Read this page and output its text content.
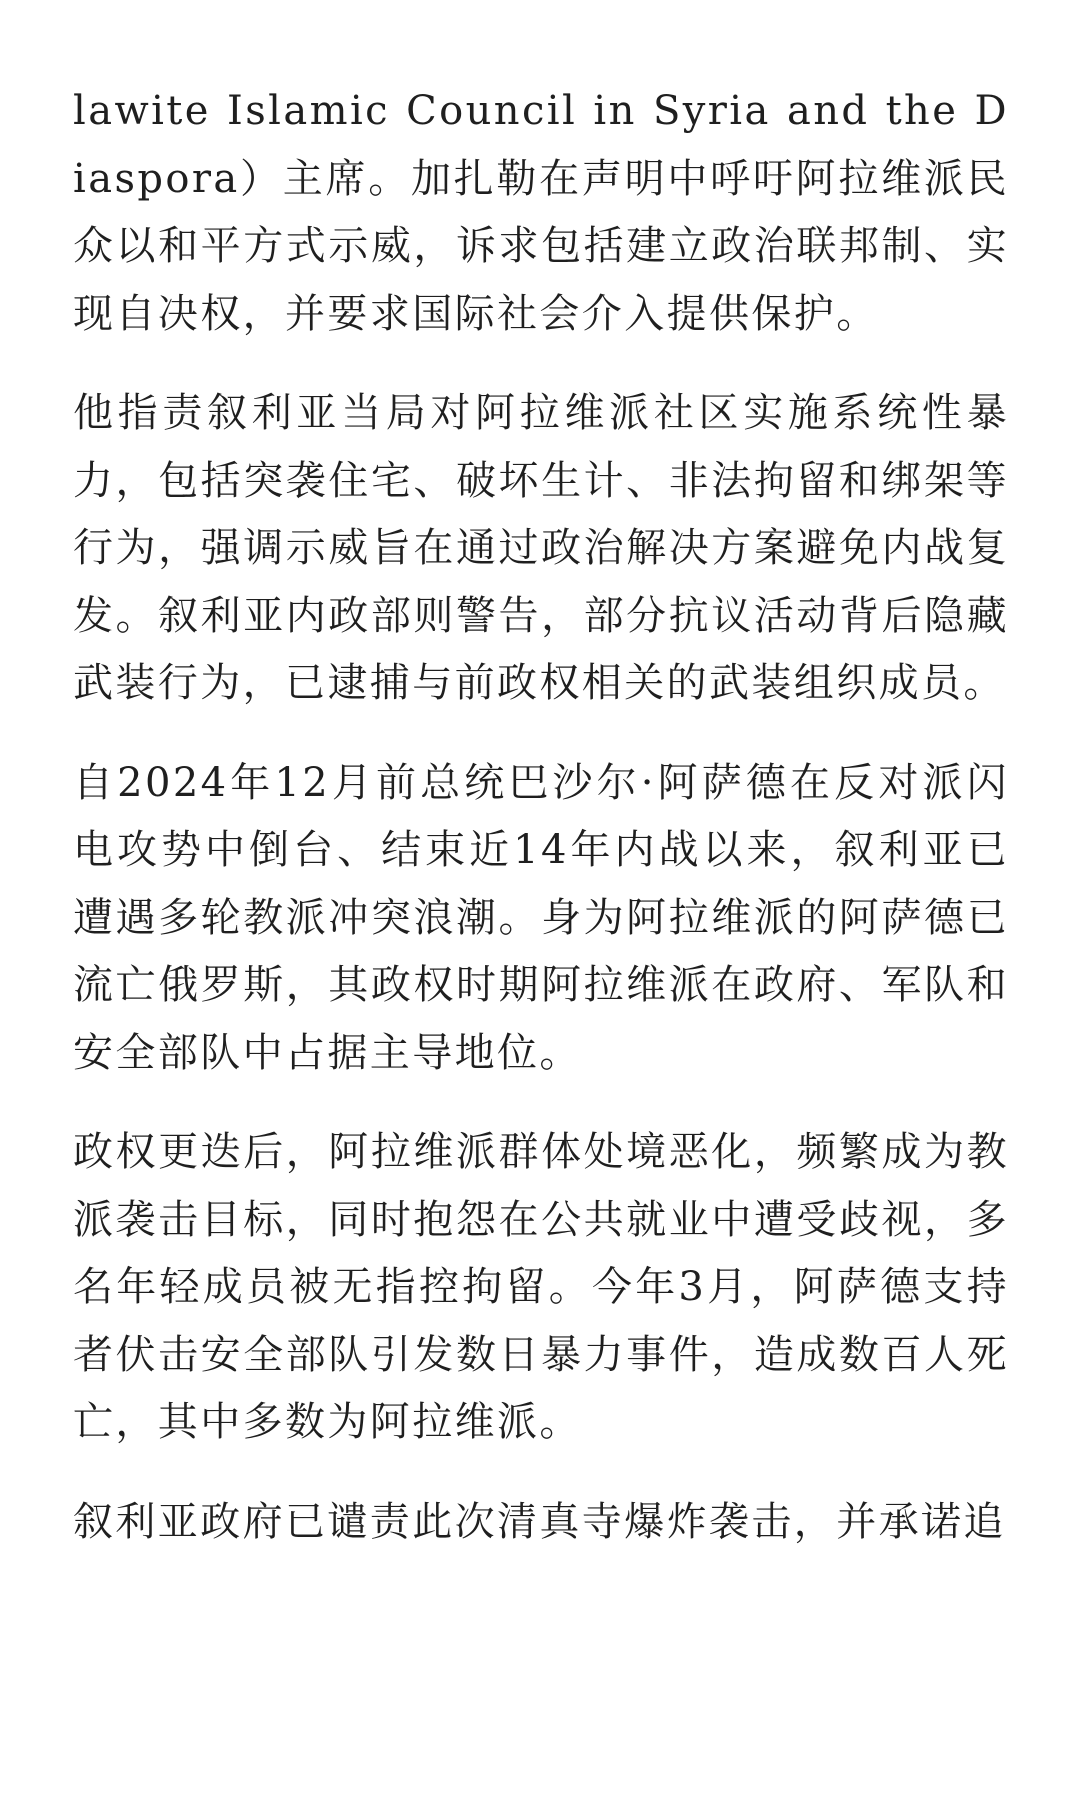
lawite Islamic Council in Syria and the Diaspora）主席。加扎勒在声明中呼吁阿拉维派民众以和平方式示威，诉求包括建立政治联邦制、实现自决权，并要求国际社会介入提供保护。

他指责叙利亚当局对阿拉维派社区实施系统性暴力，包括突袭住宅、破坏生计、非法拘留和绑架等行为，强调示威旨在通过政治解决方案避免内战复发。叙利亚内政部则警告，部分抗议活动背后隐藏武装行为，已逮捕与前政权相关的武装组织成员。

自2024年12月前总统巴沙尔·阿萨德在反对派闪电攻势中倒台、结束近14年内战以来，叙利亚已遭遇多轮教派冲突浪潮。身为阿拉维派的阿萨德已流亡俄罗斯，其政权时期阿拉维派在政府、军队和安全部队中占据主导地位。

政权更迭后，阿拉维派群体处境恶化，频繁成为教派袭击目标，同时抱怨在公共就业中遭受歧视，多名年轻成员被无指控拘留。今年3月，阿萨德支持者伏击安全部队引发数日暴力事件，造成数百人死亡，其中多数为阿拉维派。

叙利亚政府已谴责此次清真寺爆炸袭击，并承诺追
